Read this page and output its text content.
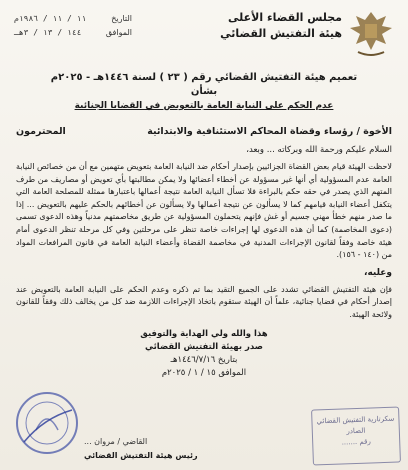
مجلس القضاء الأعلى
هيئة التفتيش القضائي
التاريخ
١١ / ١١ / ١٩٨٦م
الموافق
١٤٤ / ١٣ / ٣هـ
تعميم هيئة التفتيش القضائي رقم ( ٢٣ ) لسنة ١٤٤٦هـ - ٢٠٢٥م
بشأن
عدم الحكم على النيابة العامة بالتعويض في القضايا الجنائية
الأخوة / رؤساء وقضاة المحاكم الاستئنافية والابتدائية
المحترمون
السلام عليكم ورحمة الله وبركاته ... وبعد،
لاحظت الهيئة قيام بعض القضاة الجزائيين بإصدار أحكام ضد النيابة العامة بتعويض متهمين مع أن من خصائص النيابة العامة عدم المسؤولية أي أنها غير مسؤولة عن أخطاء أعضائها ولا يمكن مطالبتها بأي تعويض أو مصاريف من طرف المتهم الذي يصدر في حقه حكم بالبراءة فلا تسأل النيابة العامة نتيجة أعمالها باعتبارها ممثلة للمصلحة العامة التي يتكفل أعضاء النيابة قيامهم كما لا يسألون عن نتيجة أعمالها ولا يسألون عن أخطائهم بالحكم عليهم بالتعويض ... إذا ما صدر منهم خطأ مهني جسيم أو غش فإنهم يتحملون المسؤولية عن طريق مخاصمتهم مدنياً وهذه الدعوى تسمى (دعوى المخاصمة) كما أن هذه الدعوى لها إجراءات خاصة تنظر على مرحلتين وفي كل مرحلة تنظر الدعوى أمام هيئة خاصة وفقاً لقانون الإجراءات المدنية في مخاصمة القضاة وأعضاء النيابة العامة في قانون المرافعات المواد من (١٤٠ - ١٥٦).
وعليه،
فإن هيئة التفتيش القضائي تشدد على الجميع التقيد بما تم ذكره وعدم الحكم على النيابة العامة بالتعويض عند إصدار أحكام في قضايا جنائية، علماً أن الهيئة ستقوم باتخاذ الإجراءات اللازمة ضد كل من يخالف ذلك وفقاً للقانون ولائحة الهيئة.
هذا والله ولي الهداية والتوفيق
صدر بهيئة التفتيش القضائي
بتاريخ ١٤٤٦/٧/١٦هـ
الموافق ١٥ / ١ / ٢٠٢٥م
القاضي / مروان ...
رئيس هيئة التفتيش القضائي
سكرتارية التفتيش القضائي
الصادر
رقم .......
